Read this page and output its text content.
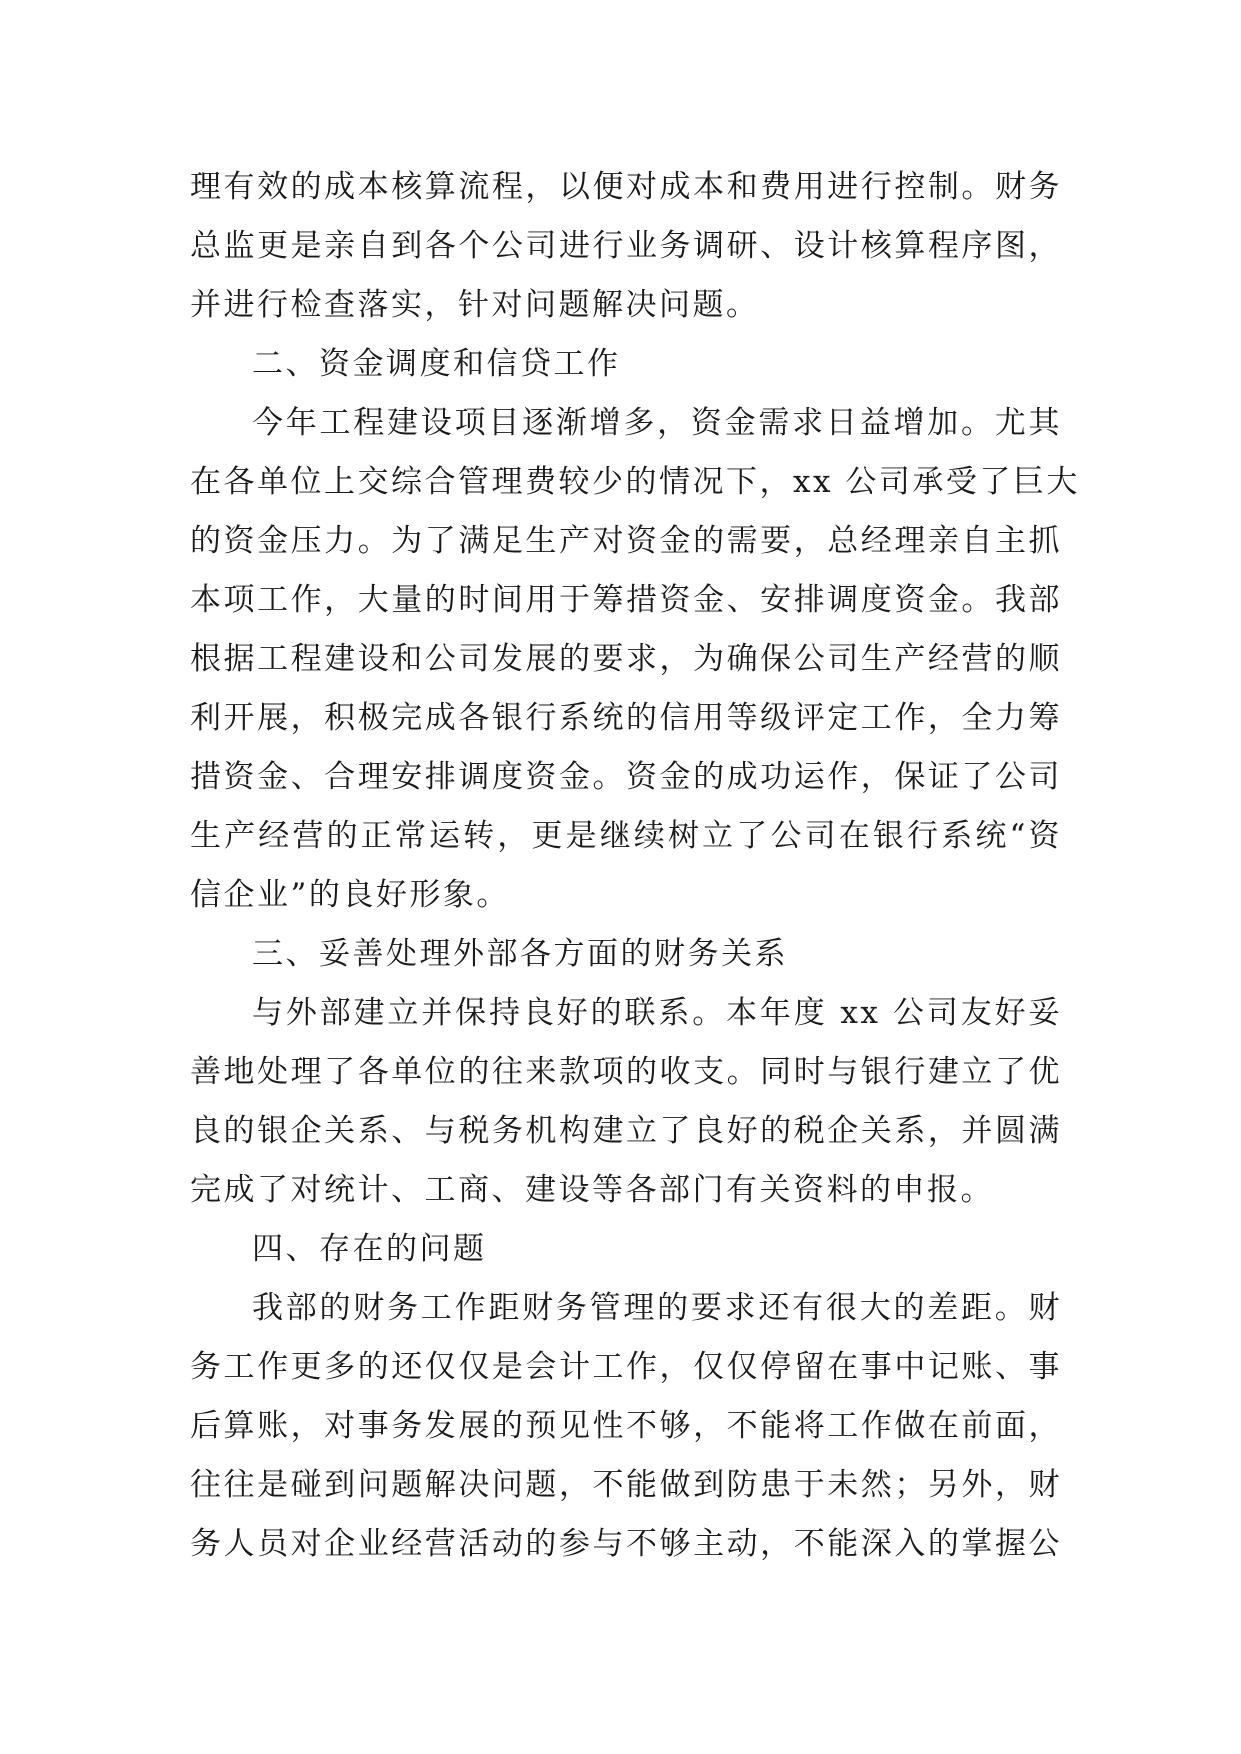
理有效的成本核算流程，以便对成本和费用进行控制。财务
总监更是亲自到各个公司进行业务调研、设计核算程序图，
并进行检查落实，针对问题解决问题。
二、资金调度和信贷工作
今年工程建设项目逐渐增多，资金需求日益增加。尤其
在各单位上交综合管理费较少的情况下，xx 公司承受了巨大
的资金压力。为了满足生产对资金的需要，总经理亲自主抓
本项工作，大量的时间用于筹措资金、安排调度资金。我部
根据工程建设和公司发展的要求，为确保公司生产经营的顺
利开展，积极完成各银行系统的信用等级评定工作，全力筹
措资金、合理安排调度资金。资金的成功运作，保证了公司
生产经营的正常运转，更是继续树立了公司在银行系统“资
信企业”的良好形象。
三、妥善处理外部各方面的财务关系
与外部建立并保持良好的联系。本年度 xx 公司友好妥
善地处理了各单位的往来款项的收支。同时与银行建立了优
良的银企关系、与税务机构建立了良好的税企关系，并圆满
完成了对统计、工商、建设等各部门有关资料的申报。
四、存在的问题
我部的财务工作距财务管理的要求还有很大的差距。财
务工作更多的还仅仅是会计工作，仅仅停留在事中记账、事
后算账，对事务发展的预见性不够，不能将工作做在前面，
往往是碰到问题解决问题，不能做到防患于未然；另外，财
务人员对企业经营活动的参与不够主动，不能深入的掌握公
